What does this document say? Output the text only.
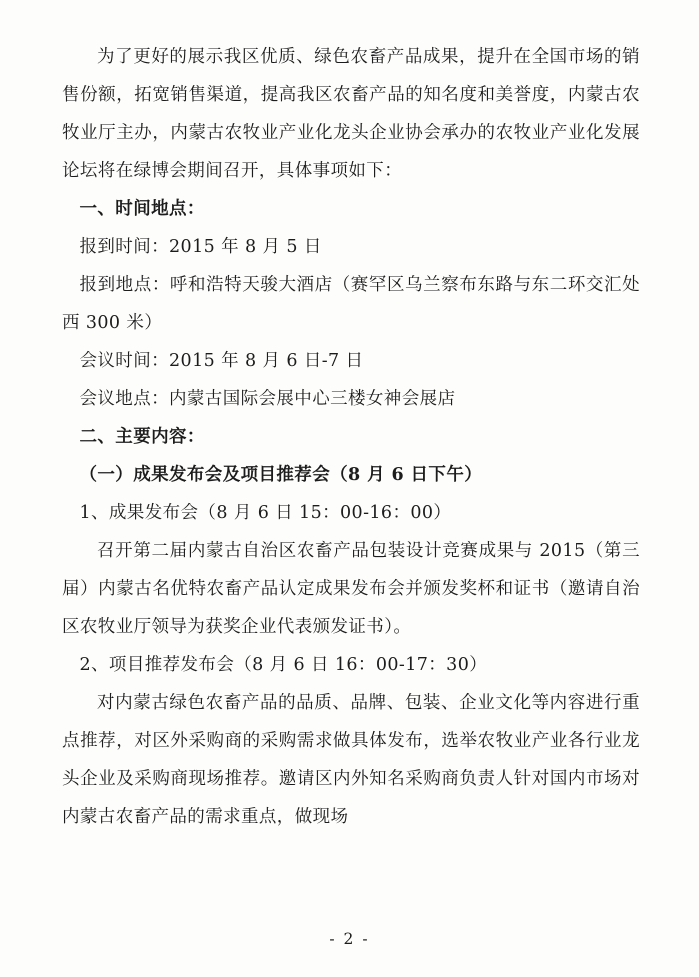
为了更好的展示我区优质、绿色农畜产品成果，提升在全国市场的销售份额，拓宽销售渠道，提高我区农畜产品的知名度和美誉度，内蒙古农牧业厅主办，内蒙古农牧业产业化龙头企业协会承办的农牧业产业化发展论坛将在绿博会期间召开，具体事项如下：

一、时间地点：

报到时间：2015 年 8 月 5 日

报到地点：呼和浩特天骏大酒店（赛罕区乌兰察布东路与东二环交汇处西 300 米）

会议时间：2015 年 8 月 6 日-7 日

会议地点：内蒙古国际会展中心三楼女神会展店

二、主要内容：

（一）成果发布会及项目推荐会（8 月 6 日下午）

1、成果发布会（8 月 6 日 15：00-16：00）

召开第二届内蒙古自治区农畜产品包装设计竞赛成果与 2015（第三届）内蒙古名优特农畜产品认定成果发布会并颁发奖杯和证书（邀请自治区农牧业厅领导为获奖企业代表颁发证书）。

2、项目推荐发布会（8 月 6 日 16：00-17：30）

对内蒙古绿色农畜产品的品质、品牌、包装、企业文化等内容进行重点推荐，对区外采购商的采购需求做具体发布，选举农牧业产业各行业龙头企业及采购商现场推荐。邀请区内外知名采购商负责人针对国内市场对内蒙古农畜产品的需求重点，做现场

- 2 -
